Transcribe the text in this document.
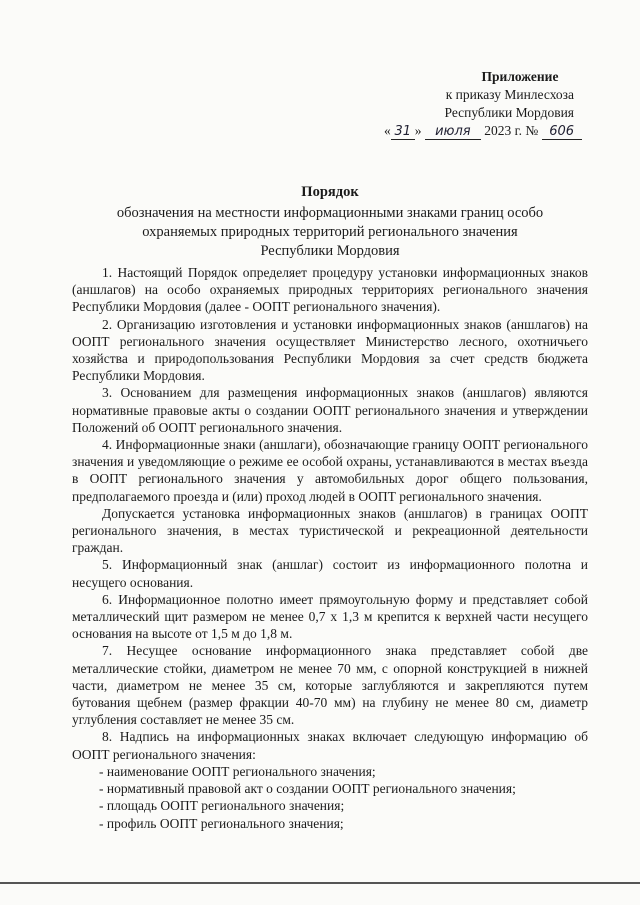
Приложение
к приказу Минлесхоза
Республики Мордовия
« 31 » июля 2023 г. № 606
Порядок
обозначения на местности информационными знаками границ особо
охраняемых природных территорий регионального значения
Республики Мордовия

1. Настоящий Порядок определяет процедуру установки информационных знаков (аншлагов) на особо охраняемых природных территориях регионального значения Республики Мордовия (далее - ООПТ регионального значения).

2. Организацию изготовления и установки информационных знаков (аншлагов) на ООПТ регионального значения осуществляет Министерство лесного, охотничьего хозяйства и природопользования Республики Мордовия за счет средств бюджета Республики Мордовия.

3. Основанием для размещения информационных знаков (аншлагов) являются нормативные правовые акты о создании ООПТ регионального значения и утверждении Положений об ООПТ регионального значения.

4. Информационные знаки (аншлаги), обозначающие границу ООПТ регионального значения и уведомляющие о режиме ее особой охраны, устанавливаются в местах въезда в ООПТ регионального значения у автомобильных дорог общего пользования, предполагаемого проезда и (или) проход людей в ООПТ регионального значения.

Допускается установка информационных знаков (аншлагов) в границах ООПТ регионального значения, в местах туристической и рекреационной деятельности граждан.

5. Информационный знак (аншлаг) состоит из информационного полотна и несущего основания.

6. Информационное полотно имеет прямоугольную форму и представляет собой металлический щит размером не менее 0,7 х 1,3 м крепится к верхней части несущего основания на высоте от 1,5 м до 1,8 м.

7. Несущее основание информационного знака представляет собой две металлические стойки, диаметром не менее 70 мм, с опорной конструкцией в нижней части, диаметром не менее 35 см, которые заглубляются и закрепляются путем бутования щебнем (размер фракции 40-70 мм) на глубину не менее 80 см, диаметр углубления составляет не менее 35 см.

8. Надпись на информационных знаках включает следующую информацию об ООПТ регионального значения:

- наименование ООПТ регионального значения;

- нормативный правовой акт о создании ООПТ регионального значения;

- площадь ООПТ регионального значения;

- профиль ООПТ регионального значения;
